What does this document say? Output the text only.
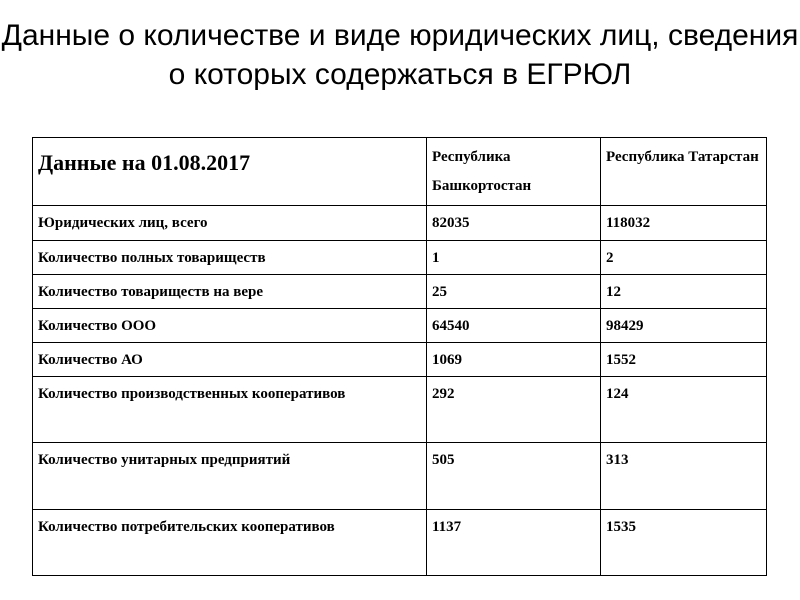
Данные о количестве и виде юридических лиц, сведения о которых содержаться в ЕГРЮЛ
Данные на 01.08.2017	Республика Башкортостан	Республика Татарстан
Юридических лиц, всего	82035	118032
Количество полных товариществ	1	2
Количество товариществ на вере	25	12
Количество ООО	64540	98429
Количество АО	1069	1552
Количество производственных кооперативов	292	124
Количество унитарных предприятий	505	313
Количество потребительских кооперативов	1137	1535
